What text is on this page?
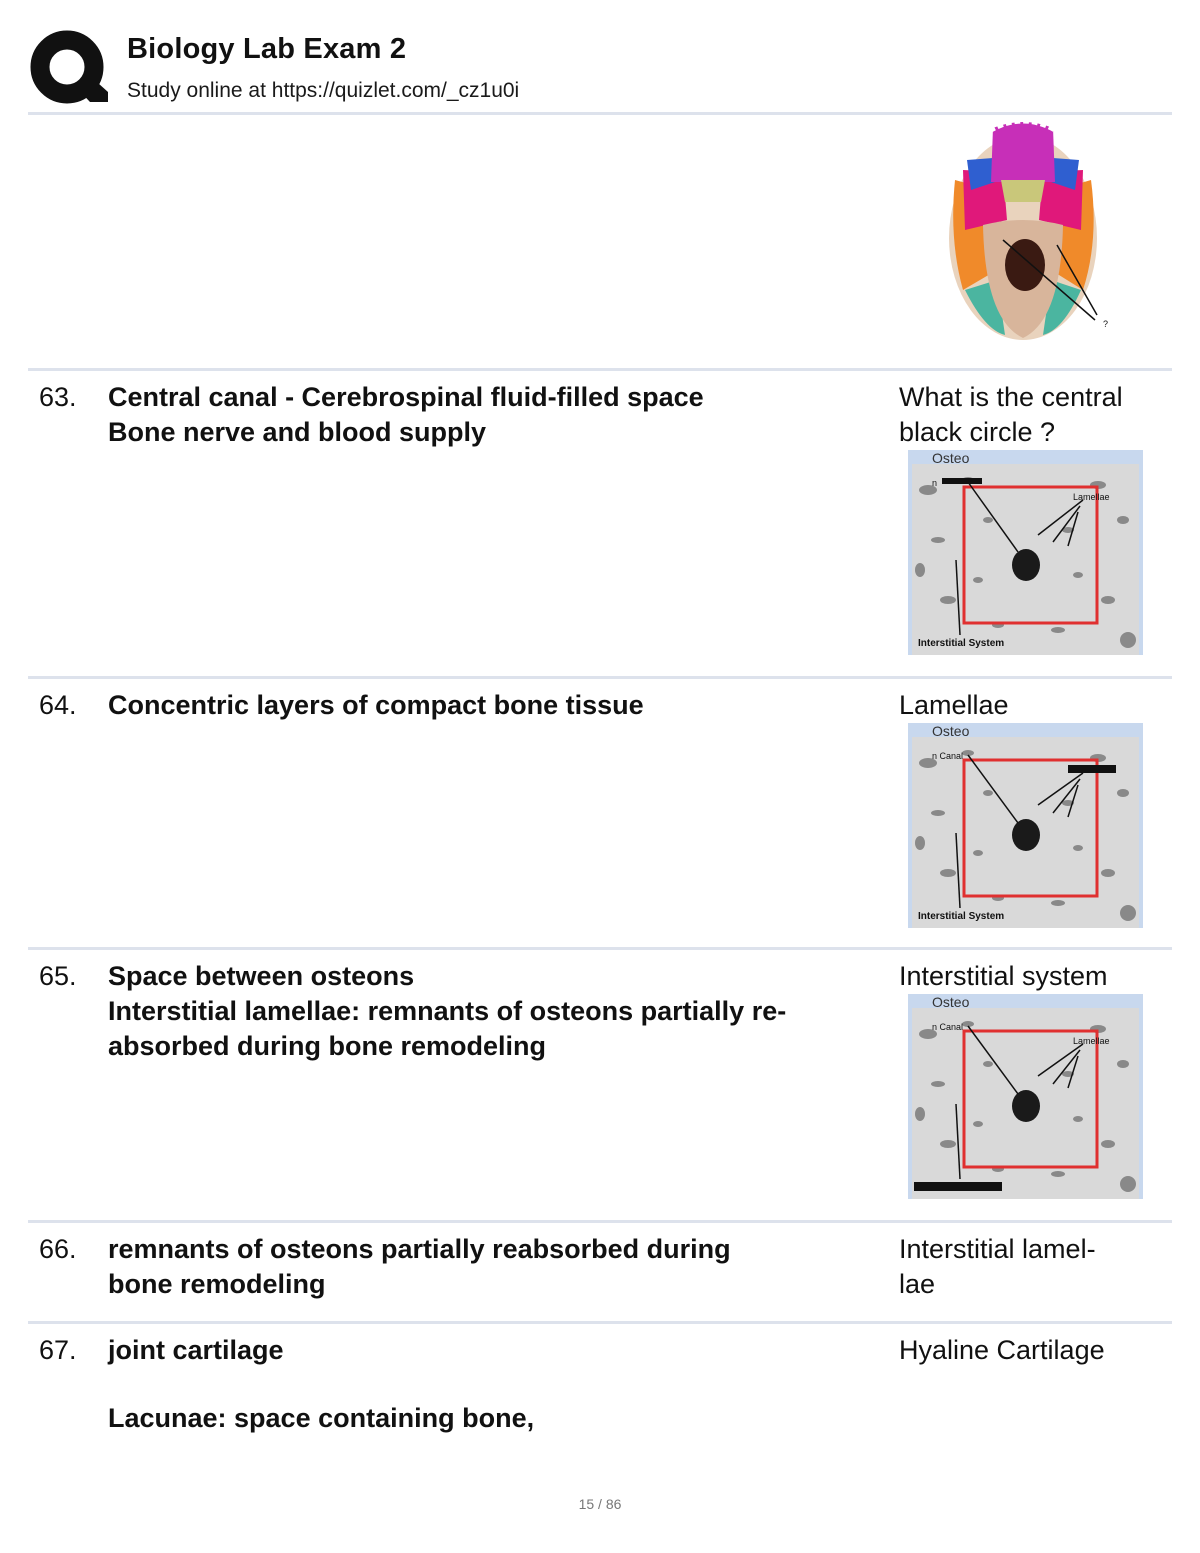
Biology Lab Exam 2
Study online at https://quizlet.com/_cz1u0i
?
63. Central canal - Cerebrospinal fluid-filled space
Bone nerve and blood supply
What is the central
black circle ?
Osteo
n
Lamellae
Interstitial System
64. Concentric layers of compact bone tissue	Lamellae
Osteo
n Canal
Interstitial System
65. Space between osteons
Interstitial lamellae: remnants of osteons partially re-
absorbed during bone remodeling
Interstitial system
Osteo
n Canal
Lamellae
66. remnants of osteons partially reabsorbed during
bone remodeling
Interstitial lamel-
lae
67. joint cartilage
Lacunae: space containing bone,
Hyaline Cartilage
15 / 86
